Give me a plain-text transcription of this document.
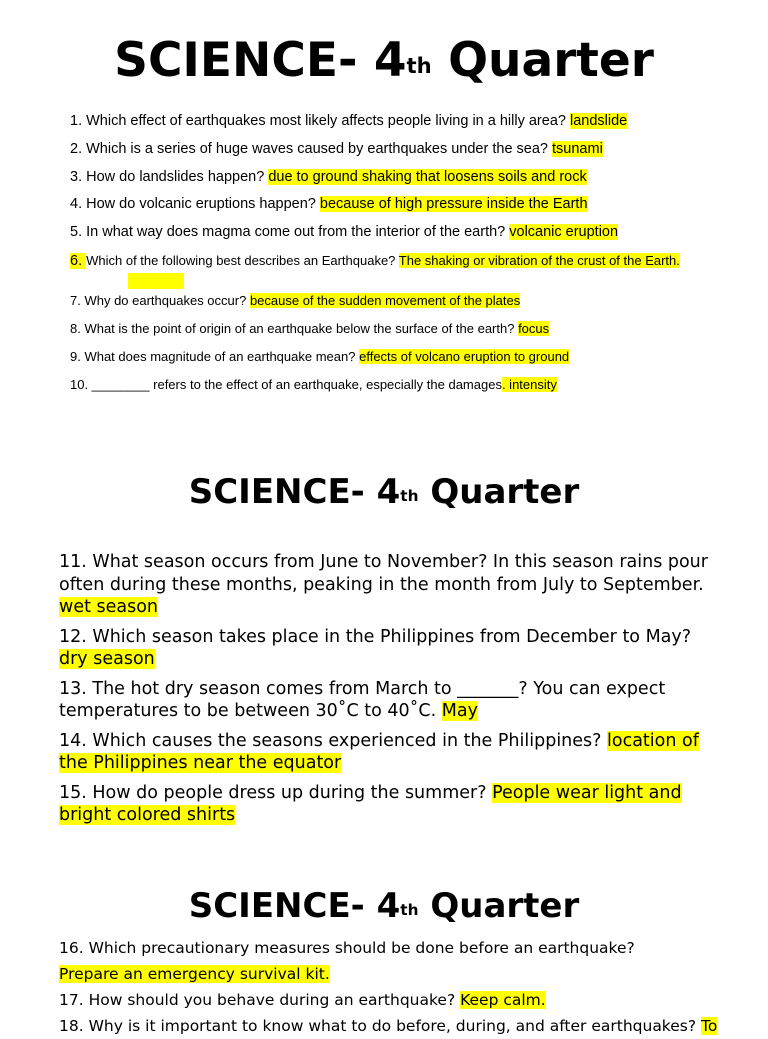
SCIENCE- 4th Quarter

1. Which effect of earthquakes most likely affects people living in a hilly area? landslide

2. Which is a series of huge waves caused by earthquakes under the sea? tsunami

3. How do landslides happen? due to ground shaking that loosens soils and rock

4. How do volcanic eruptions happen? because of high pressure inside the Earth

5. In what way does magma come out from the interior of the earth? volcanic eruption

6. Which of the following best describes an Earthquake? The shaking or vibration of the crust of the Earth.

7. Why do earthquakes occur? because of the sudden movement of the plates

8. What is the point of origin of an earthquake below the surface of the earth? focus

9. What does magnitude of an earthquake mean? effects of volcano eruption to ground

10. ________ refers to the effect of an earthquake, especially the damages. intensity

SCIENCE- 4th Quarter

11. What season occurs from June to November? In this season rains pour often during these months, peaking in the month from July to September. wet season

12. Which season takes place in the Philippines from December to May? dry season

13. The hot dry season comes from March to _______? You can expect temperatures to be between 30˚C to 40˚C. May

14. Which causes the seasons experienced in the Philippines? location of the Philippines near the equator

15. How do people dress up during the summer? People wear light and bright colored shirts

SCIENCE- 4th Quarter

16. Which precautionary measures should be done before an earthquake?

Prepare an emergency survival kit.

17. How should you behave during an earthquake? Keep calm.

18. Why is it important to know what to do before, during, and after earthquakes? To
